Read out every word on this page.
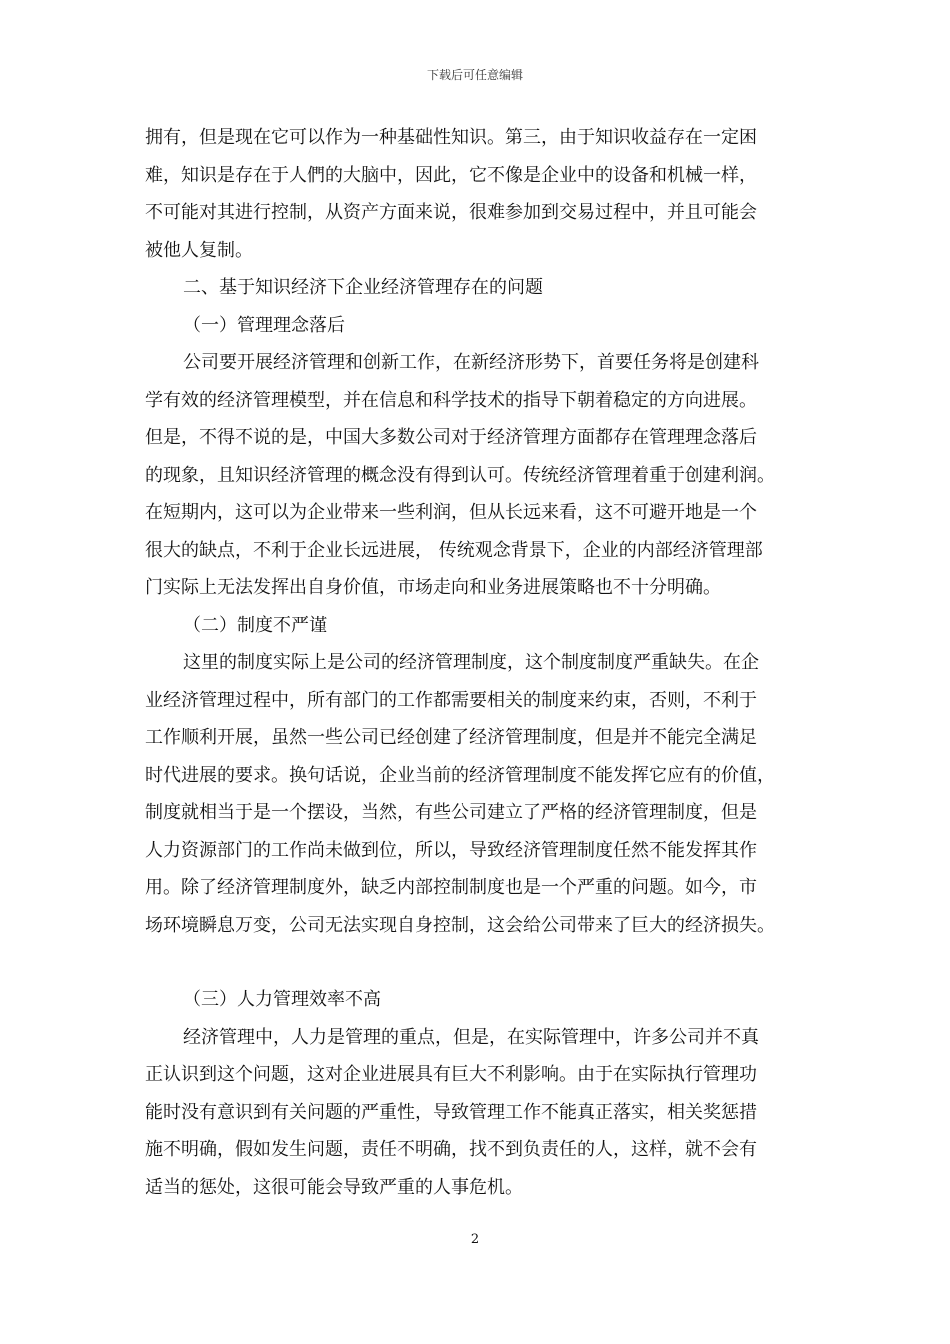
下载后可任意编辑
拥有，但是现在它可以作为一种基础性知识。第三，由于知识收益存在一定困
难，知识是存在于人們的大脑中，因此，它不像是企业中的设备和机械一样，
不可能对其进行控制，从资产方面来说，很难参加到交易过程中，并且可能会
被他人复制。
二、基于知识经济下企业经济管理存在的问题
（一）管理理念落后
公司要开展经济管理和创新工作，在新经济形势下，首要任务将是创建科
学有效的经济管理模型，并在信息和科学技术的指导下朝着稳定的方向进展。
但是，不得不说的是，中国大多数公司对于经济管理方面都存在管理理念落后
的现象，且知识经济管理的概念没有得到认可。传统经济管理着重于创建利润。
在短期内，这可以为企业带来一些利润，但从长远来看，这不可避开地是一个
很大的缺点，不利于企业长远进展， 传统观念背景下，企业的内部经济管理部
门实际上无法发挥出自身价值，市场走向和业务进展策略也不十分明确。
（二）制度不严谨
这里的制度实际上是公司的经济管理制度，这个制度制度严重缺失。在企
业经济管理过程中，所有部门的工作都需要相关的制度来约束，否则，不利于
工作顺利开展，虽然一些公司已经创建了经济管理制度，但是并不能完全满足
时代进展的要求。换句话说，企业当前的经济管理制度不能发挥它应有的价值，
制度就相当于是一个摆设，当然，有些公司建立了严格的经济管理制度，但是
人力资源部门的工作尚未做到位，所以，导致经济管理制度任然不能发挥其作
用。除了经济管理制度外，缺乏内部控制制度也是一个严重的问题。如今，市
场环境瞬息万变，公司无法实现自身控制，这会给公司带来了巨大的经济损失。
（三）人力管理效率不高
经济管理中，人力是管理的重点，但是，在实际管理中，许多公司并不真
正认识到这个问题，这对企业进展具有巨大不利影响。由于在实际执行管理功
能时没有意识到有关问题的严重性，导致管理工作不能真正落实，相关奖惩措
施不明确，假如发生问题，责任不明确，找不到负责任的人，这样，就不会有
适当的惩处，这很可能会导致严重的人事危机。
2
